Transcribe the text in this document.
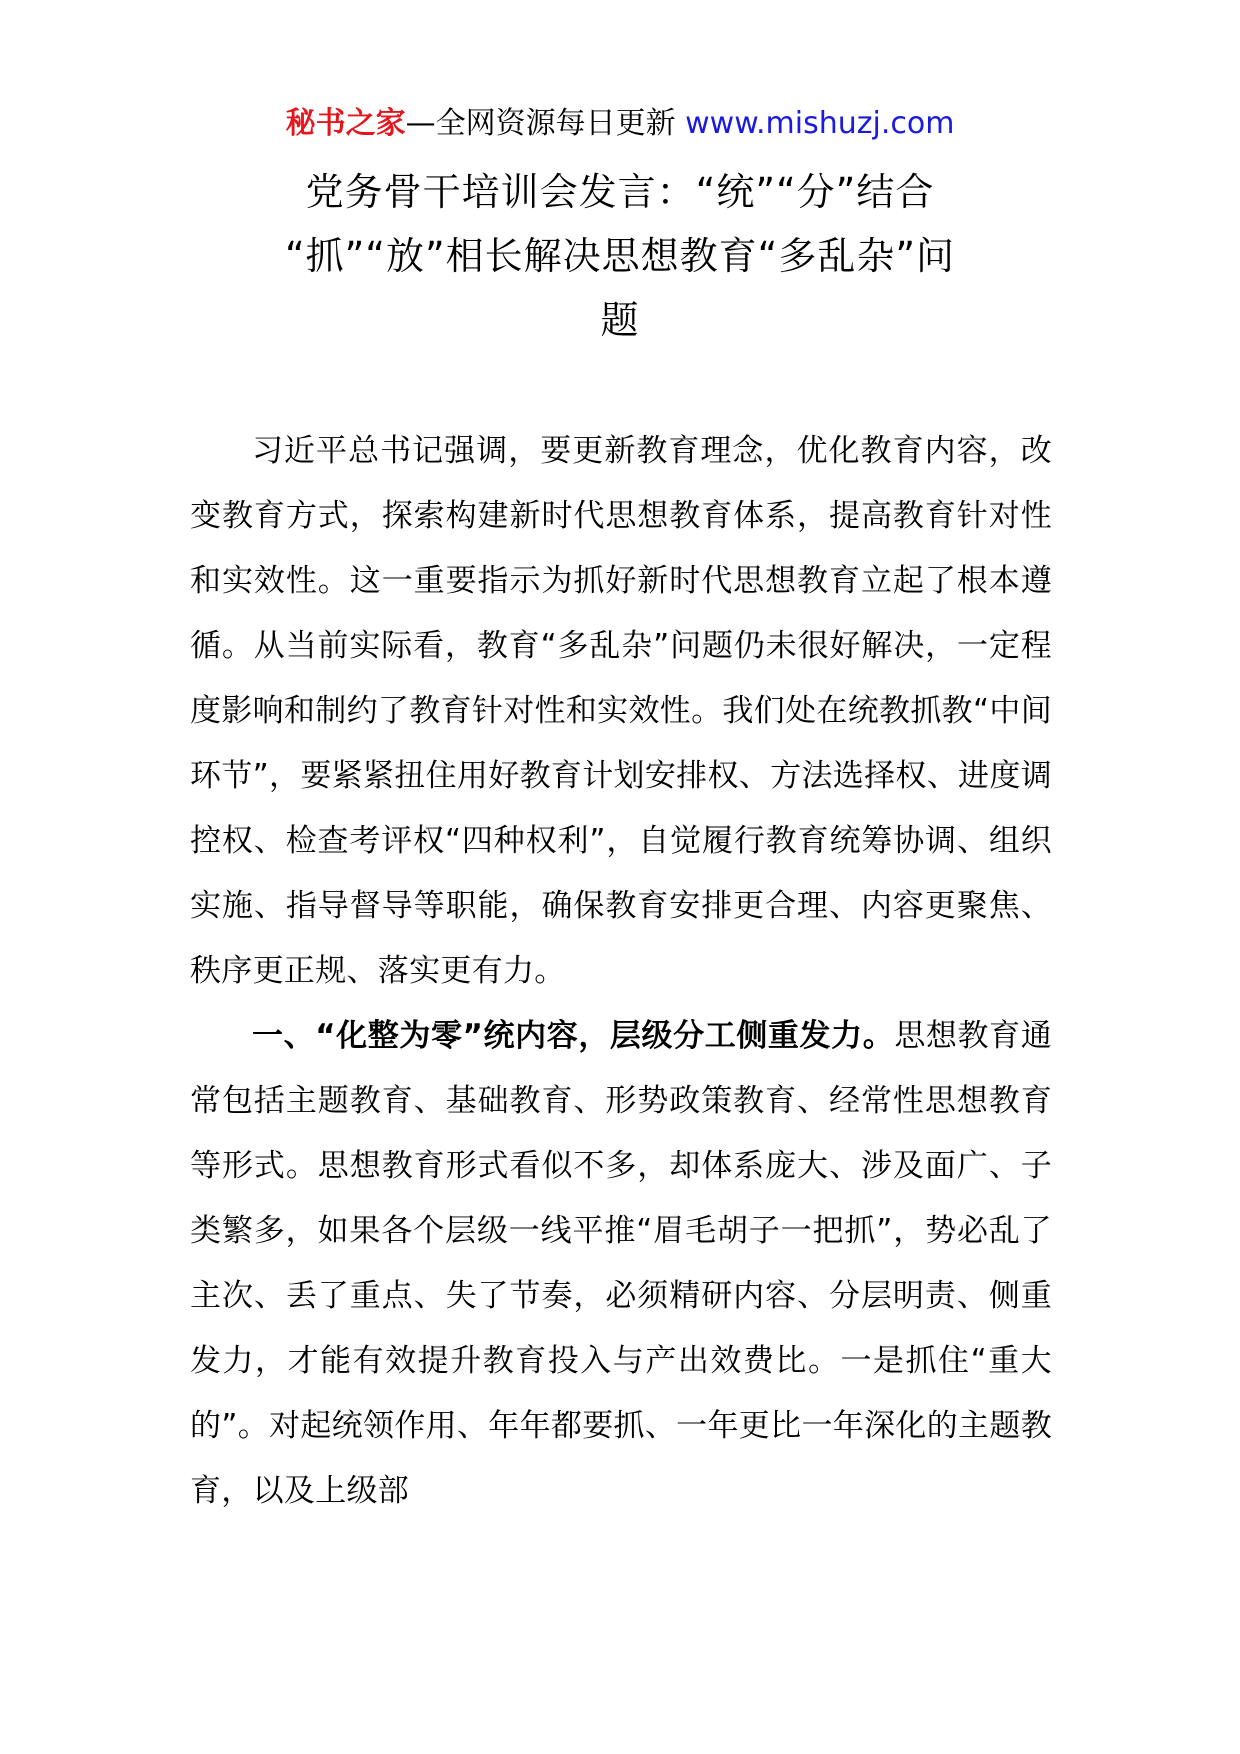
秘书之家—全网资源每日更新 www.mishuzj.com
党务骨干培训会发言：“统”“分”结合
“抓”“放”相长解决思想教育“多乱杂”问
题

习近平总书记强调，要更新教育理念，优化教育内容，改变教育方式，探索构建新时代思想教育体系，提高教育针对性和实效性。这一重要指示为抓好新时代思想教育立起了根本遵循。从当前实际看，教育“多乱杂”问题仍未很好解决，一定程度影响和制约了教育针对性和实效性。我们处在统教抓教“中间环节”，要紧紧扭住用好教育计划安排权、方法选择权、进度调控权、检查考评权“四种权利”，自觉履行教育统筹协调、组织实施、指导督导等职能，确保教育安排更合理、内容更聚焦、秩序更正规、落实更有力。

一、“化整为零”统内容，层级分工侧重发力。思想教育通常包括主题教育、基础教育、形势政策教育、经常性思想教育等形式。思想教育形式看似不多，却体系庞大、涉及面广、子类繁多，如果各个层级一线平推“眉毛胡子一把抓”，势必乱了主次、丢了重点、失了节奏，必须精研内容、分层明责、侧重发力，才能有效提升教育投入与产出效费比。一是抓住“重大的”。对起统领作用、年年都要抓、一年更比一年深化的主题教育，以及上级部
